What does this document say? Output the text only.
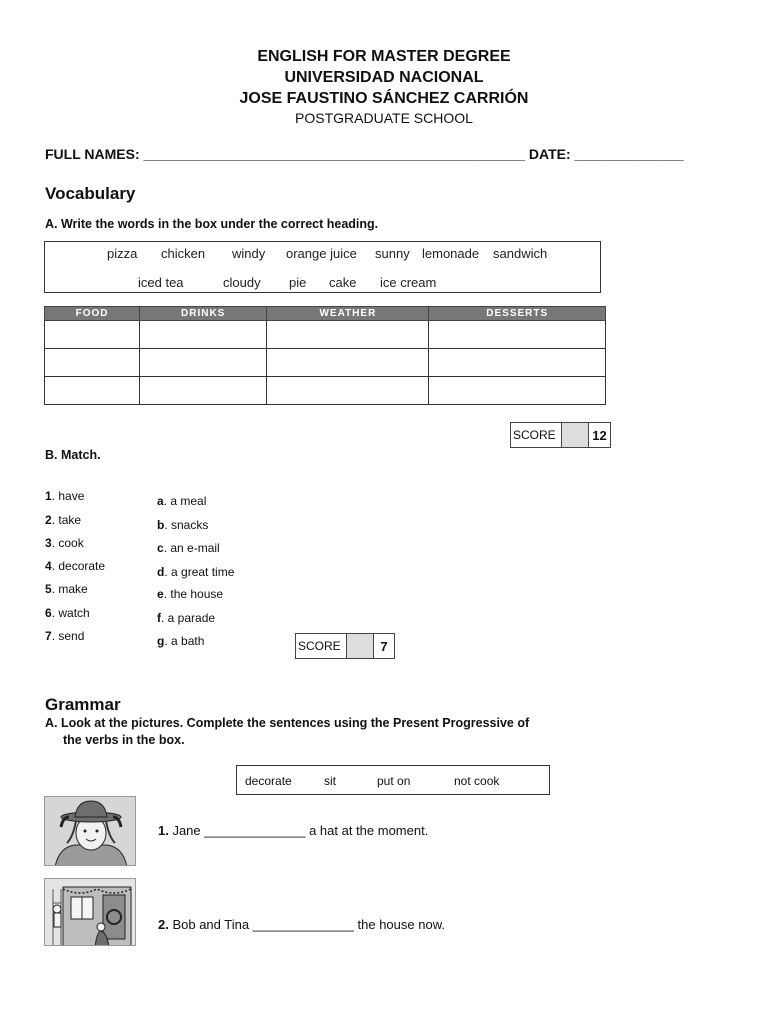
ENGLISH FOR MASTER DEGREE
UNIVERSIDAD NACIONAL
JOSE FAUSTINO SÁNCHEZ CARRIÓN
POSTGRADUATE SCHOOL
FULL NAMES: _________________________________________________ DATE: ______________
Vocabulary
A. Write the words in the box under the correct heading.
pizza chicken windy orange juice sunny lemonade sandwich
iced tea	cloudy pie cake ice cream
FOOD	DRINKS	WEATHER	DESSERTS

SCORE	12
B. Match.
1. have
2. take
3. cook
4. decorate
5. make
6. watch
7. send
a. a meal
b. snacks
c. an e-mail
d. a great time
e. the house
f. a parade
g. a bath	SCORE	7
Grammar
A. Look at the pictures. Complete the sentences using the Present Progressive of
the verbs in the box.
decorate	sit	put on	not cook
1. Jane ______________ a hat at the moment.
2. Bob and Tina ______________ the house now.
